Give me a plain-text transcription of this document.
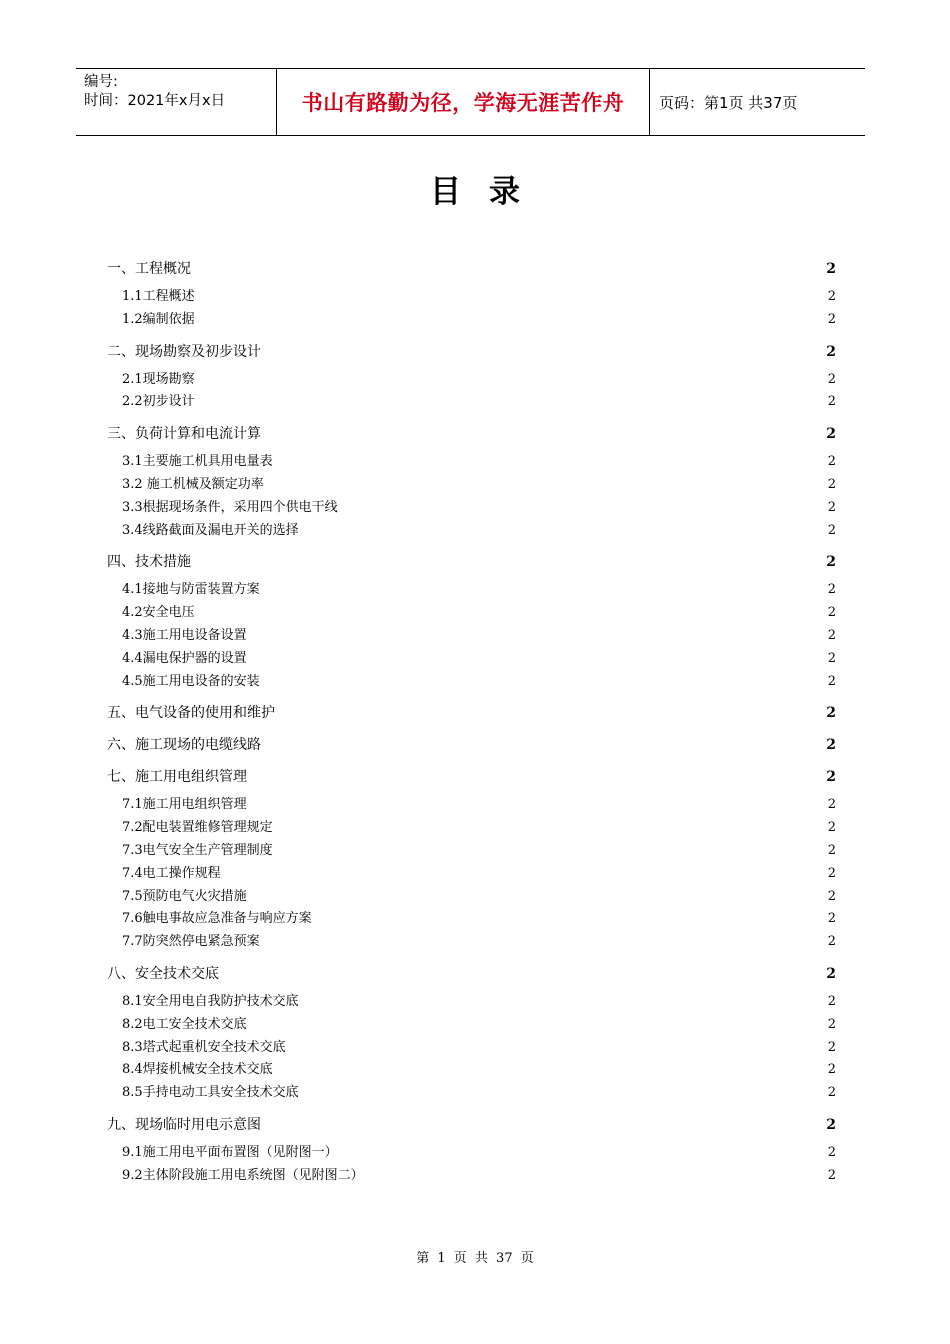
编号:
时间：2021年x月x日	书山有路勤为径，学海无涯苦作舟	页码：第1页 共37页
目录
一、工程概况	2
1.1工程概述	2
1.2编制依据	2
二、现场勘察及初步设计	2
2.1现场勘察	2
2.2初步设计	2
三、负荷计算和电流计算	2
3.1主要施工机具用电量表	2
3.2 施工机械及额定功率	2
3.3根据现场条件，采用四个供电干线	2
3.4线路截面及漏电开关的选择	2
四、技术措施	2
4.1接地与防雷装置方案	2
4.2安全电压	2
4.3施工用电设备设置	2
4.4漏电保护器的设置	2
4.5施工用电设备的安装	2
五、电气设备的使用和维护	2
六、施工现场的电缆线路	2
七、施工用电组织管理	2
7.1施工用电组织管理	2
7.2配电装置维修管理规定	2
7.3电气安全生产管理制度	2
7.4电工操作规程	2
7.5预防电气火灾措施	2
7.6触电事故应急准备与响应方案	2
7.7防突然停电紧急预案	2
八、安全技术交底	2
8.1安全用电自我防护技术交底	2
8.2电工安全技术交底	2
8.3塔式起重机安全技术交底	2
8.4焊接机械安全技术交底	2
8.5手持电动工具安全技术交底	2
九、现场临时用电示意图	2
9.1施工用电平面布置图（见附图一）	2
9.2主体阶段施工用电系统图（见附图二）	2
第 1 页 共 37 页
